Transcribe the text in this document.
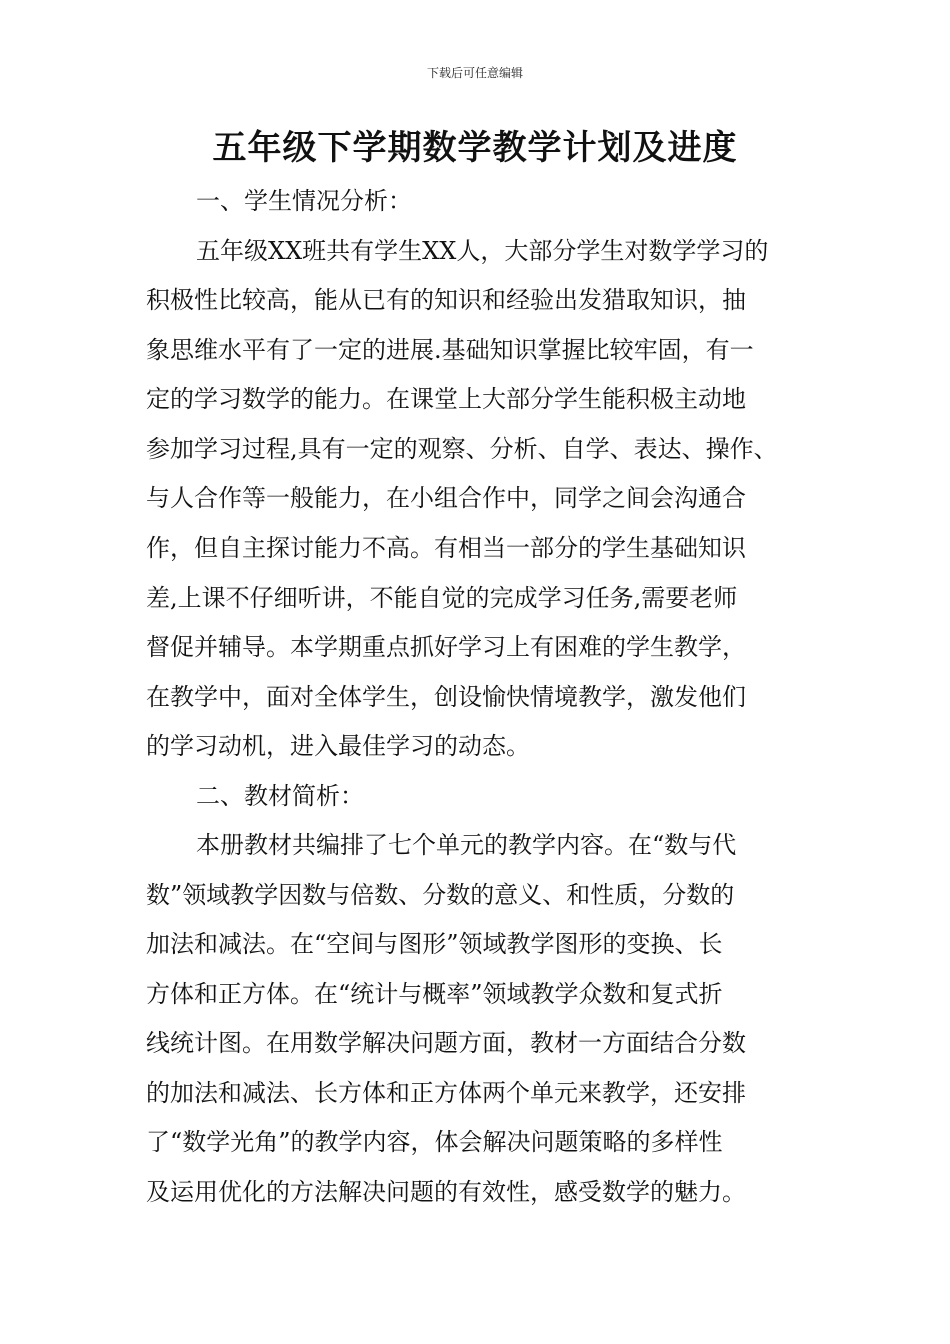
下载后可任意编辑
五年级下学期数学教学计划及进度

一、学生情况分析：

五年级XX班共有学生XX人，大部分学生对数学学习的

积极性比较高，能从已有的知识和经验出发猎取知识，抽

象思维水平有了一定的进展.基础知识掌握比较牢固，有一

定的学习数学的能力。在课堂上大部分学生能积极主动地

参加学习过程,具有一定的观察、分析、自学、表达、操作、

与人合作等一般能力，在小组合作中，同学之间会沟通合

作，但自主探讨能力不高。有相当一部分的学生基础知识

差,上课不仔细听讲，不能自觉的完成学习任务,需要老师

督促并辅导。本学期重点抓好学习上有困难的学生教学，

在教学中，面对全体学生，创设愉快情境教学，激发他们

的学习动机，进入最佳学习的动态。

二、教材简析：

本册教材共编排了七个单元的教学内容。在“数与代

数”领域教学因数与倍数、分数的意义、和性质，分数的

加法和减法。在“空间与图形”领域教学图形的变换、长

方体和正方体。在“统计与概率”领域教学众数和复式折

线统计图。在用数学解决问题方面，教材一方面结合分数

的加法和减法、长方体和正方体两个单元来教学，还安排

了“数学光角”的教学内容，体会解决问题策略的多样性

及运用优化的方法解决问题的有效性，感受数学的魅力。
